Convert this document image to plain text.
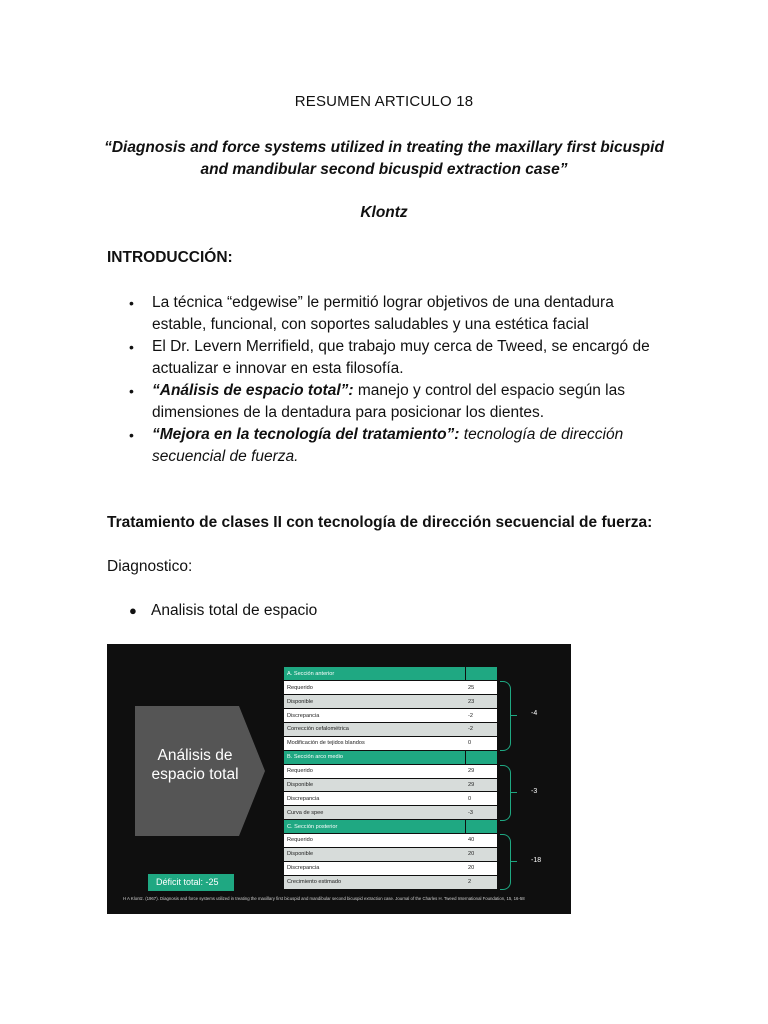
RESUMEN ARTICULO 18
“Diagnosis and force systems utilized in treating the maxillary first bicuspid and mandibular second bicuspid extraction case”
Klontz
INTRODUCCIÓN:
• La técnica “edgewise” le permitió lograr objetivos de una dentadura estable, funcional, con soportes saludables y una estética facial
• El Dr. Levern Merrifield, que trabajo muy cerca de Tweed, se encargó de actualizar e innovar en esta filosofía.
• “Análisis de espacio total”: manejo y control del espacio según las dimensiones de la dentadura para posicionar los dientes.
• “Mejora en la tecnología del tratamiento”: tecnología de dirección secuencial de fuerza.
Tratamiento de clases II con tecnología de dirección secuencial de fuerza:
Diagnostico:
● Analisis total de espacio
Análisis de
espacio total
A. Sección anterior	
Requerido	25
Disponible	23
Discrepancia	-2
Corrección cefalométrica	-2
Modificación de tejidos blandos	0
B. Sección arco medio	
Requerido	29
Disponible	29
Discrepancia	0
Curva de spee	-3
C. Sección posterior	
Requerido	40
Disponible	20
Discrepancia	20
Crecimiento estimado	2
-4
-3
-18
Déficit total: -25
H A Klontz. (1967). Diagnosis and force systems utilized in treating the maxillary first bicuspid and mandibular second bicuspid extraction case. Journal of the Charles H. Tweed International Foundation, 15, 16-58
